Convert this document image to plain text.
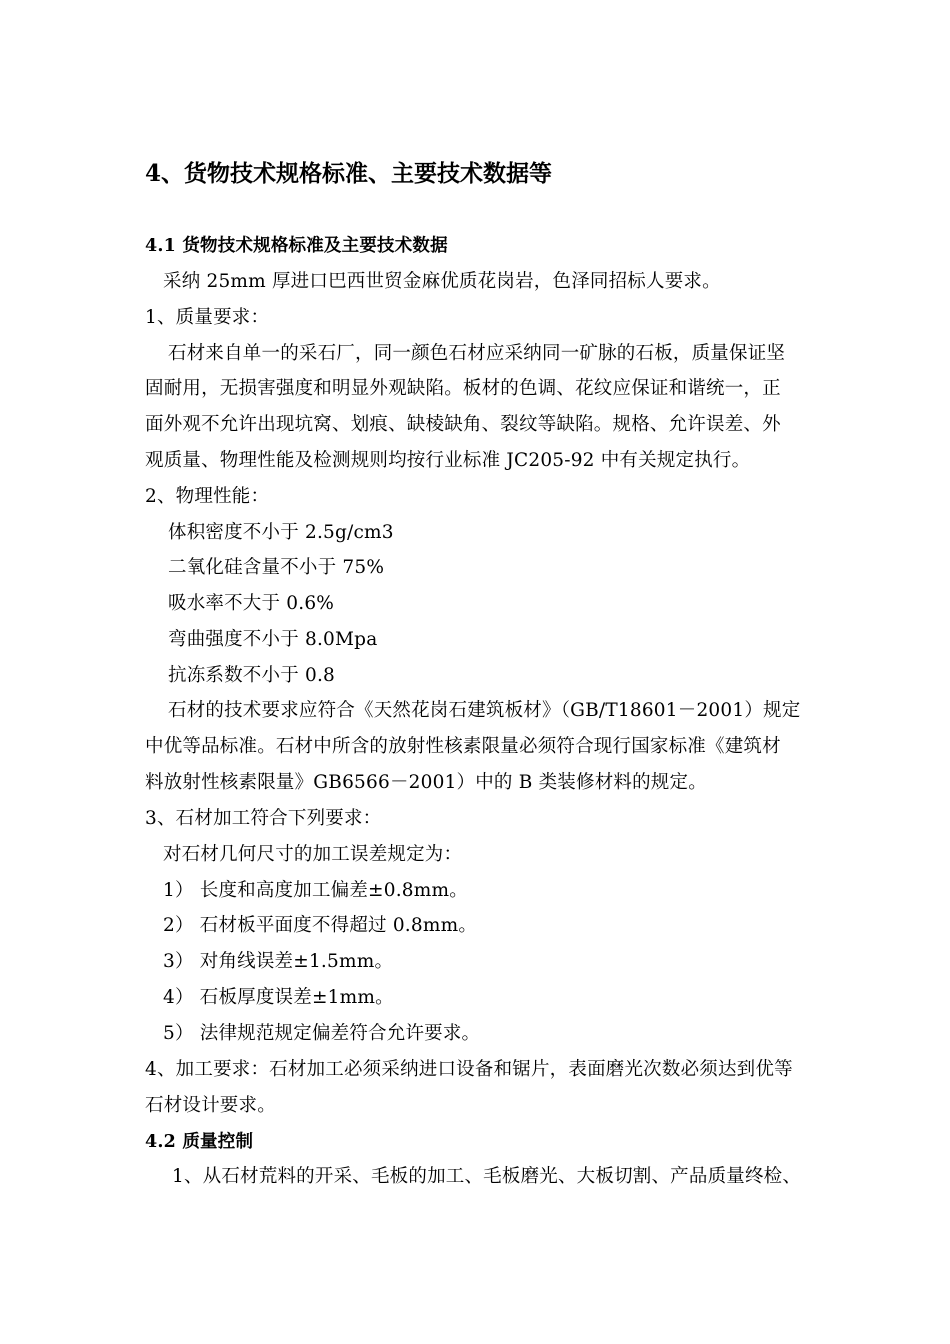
4、货物技术规格标准、主要技术数据等
4.1 货物技术规格标准及主要技术数据
采纳 25mm 厚进口巴西世贸金麻优质花岗岩，色泽同招标人要求。
1、质量要求：
石材来自单一的采石厂，同一颜色石材应采纳同一矿脉的石板，质量保证坚
固耐用，无损害强度和明显外观缺陷。板材的色调、花纹应保证和谐统一，正
面外观不允许出现坑窝、划痕、缺棱缺角、裂纹等缺陷。规格、允许误差、外
观质量、物理性能及检测规则均按行业标准 JC205-92 中有关规定执行。
2、物理性能：
体积密度不小于 2.5g/cm3
二氧化硅含量不小于 75%
吸水率不大于 0.6%
弯曲强度不小于 8.0Mpa
抗冻系数不小于 0.8
石材的技术要求应符合《天然花岗石建筑板材》（GB/T18601－2001）规定
中优等品标准。石材中所含的放射性核素限量必须符合现行国家标准《建筑材
料放射性核素限量》GB6566－2001）中的 B 类装修材料的规定。
3、石材加工符合下列要求：
对石材几何尺寸的加工误差规定为：
1） 长度和高度加工偏差±0.8mm。
2） 石材板平面度不得超过 0.8mm。
3） 对角线误差±1.5mm。
4） 石板厚度误差±1mm。
5） 法律规范规定偏差符合允许要求。
4、加工要求：石材加工必须采纳进口设备和锯片，表面磨光次数必须达到优等
石材设计要求。
4.2 质量控制
1、从石材荒料的开采、毛板的加工、毛板磨光、大板切割、产品质量终检、
